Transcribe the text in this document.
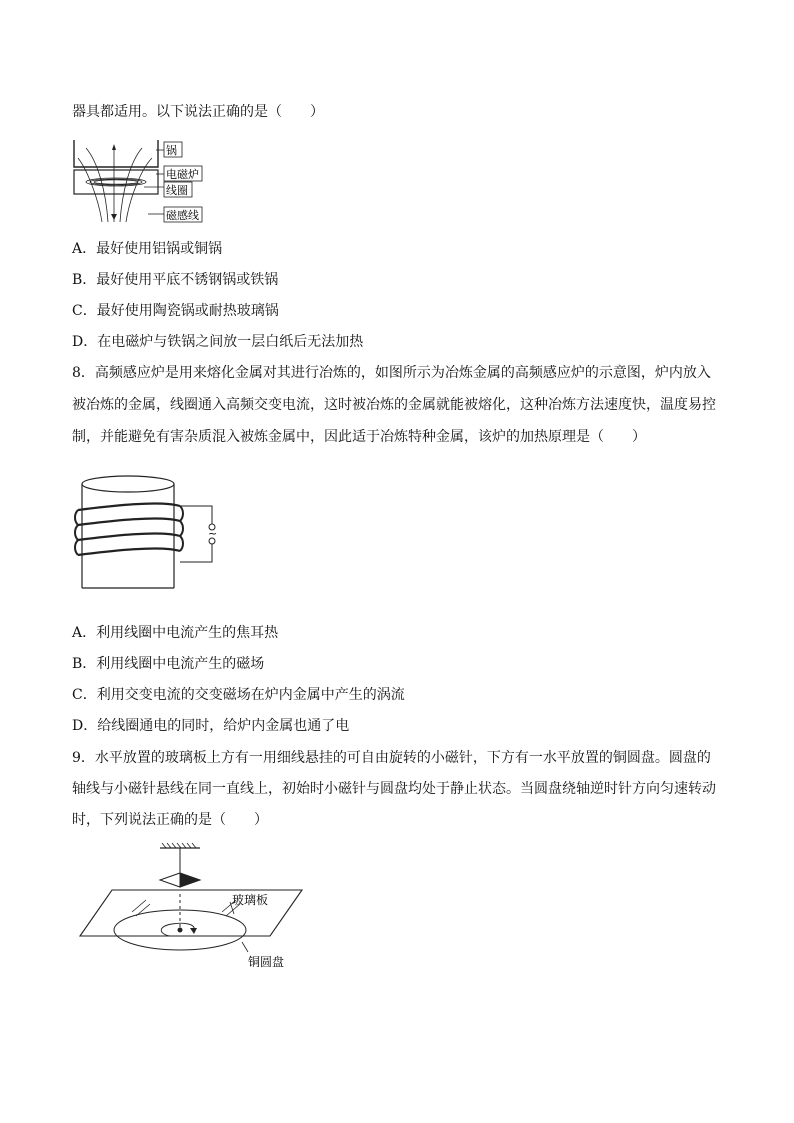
器具都适用。以下说法正确的是（　　）
锅
电磁炉
线圈
磁感线
A．最好使用铝锅或铜锅
B．最好使用平底不锈钢锅或铁锅
C．最好使用陶瓷锅或耐热玻璃锅
D．在电磁炉与铁锅之间放一层白纸后无法加热
8．高频感应炉是用来熔化金属对其进行冶炼的，如图所示为冶炼金属的高频感应炉的示意图，炉内放入
被冶炼的金属，线圈通入高频交变电流，这时被冶炼的金属就能被熔化，这种冶炼方法速度快，温度易控
制，并能避免有害杂质混入被炼金属中，因此适于冶炼特种金属，该炉的加热原理是（　　）
~
A．利用线圈中电流产生的焦耳热
B．利用线圈中电流产生的磁场
C．利用交变电流的交变磁场在炉内金属中产生的涡流
D．给线圈通电的同时，给炉内金属也通了电
9．水平放置的玻璃板上方有一用细线悬挂的可自由旋转的小磁针，下方有一水平放置的铜圆盘。圆盘的
轴线与小磁针悬线在同一直线上，初始时小磁针与圆盘均处于静止状态。当圆盘绕轴逆时针方向匀速转动
时，下列说法正确的是（　　）
玻璃板
铜圆盘
